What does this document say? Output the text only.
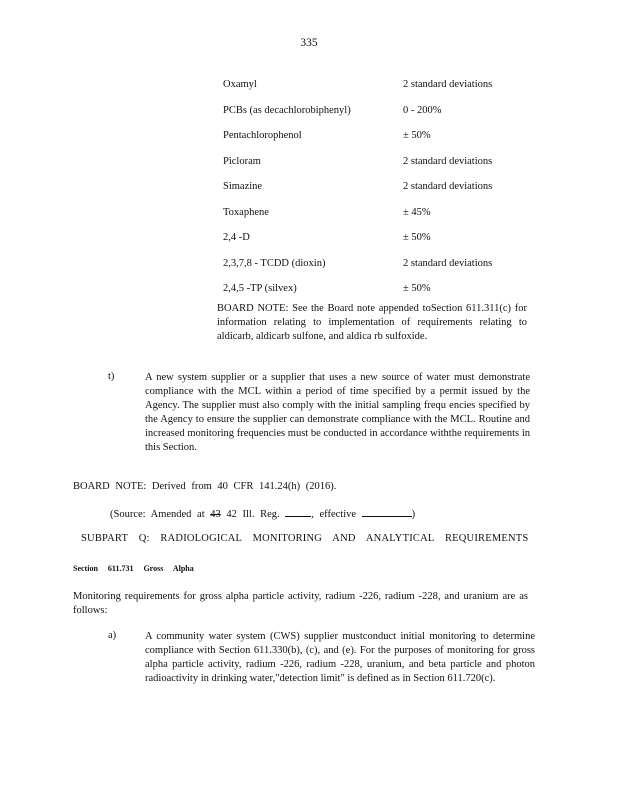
335
Oxamyl	2 standard deviations
PCBs (as decachlorobiphenyl)	0 - 200%
Pentachlorophenol	± 50%
Picloram	2 standard deviations
Simazine	2 standard deviations
Toxaphene	± 45%
2,4 -D	± 50%
2,3,7,8 - TCDD (dioxin)	2 standard deviations
2,4,5 -TP (silvex)	± 50%
BOARD NOTE: See the Board note appended toSection 611.311(c) for information relating to implementation of requirements relating to aldicarb, aldicarb sulfone, and aldica rb sulfoxide.
t)	A new system supplier or a supplier that uses a new source of water must demonstrate compliance with the MCL within a period of time specified by a permit issued by the Agency. The supplier must also comply with the initial sampling frequ encies specified by the Agency to ensure the supplier can demonstrate compliance with the MCL. Routine and increased monitoring frequencies must be conducted in accordance withthe requirements in this Section.
BOARD NOTE: Derived from 40 CFR 141.24(h) (2016).
(Source: Amended at 43 42 Ill. Reg. , effective	)
SUBPART Q: RADIOLOGICAL MONITORING AND ANALYTICAL REQUIREMENTS
Section 611.731 Gross Alpha
Monitoring requirements for gross alpha particle activity, radium -226, radium -228, and uranium are as follows:
a)	A community water system (CWS) supplier mustconduct initial monitoring to determine compliance with Section 611.330(b), (c), and (e). For the purposes of monitoring for gross alpha particle activity, radium -226, radium -228, uranium, and beta particle and photon radioactivity in drinking water,"detection limit" is defined as in Section 611.720(c).
